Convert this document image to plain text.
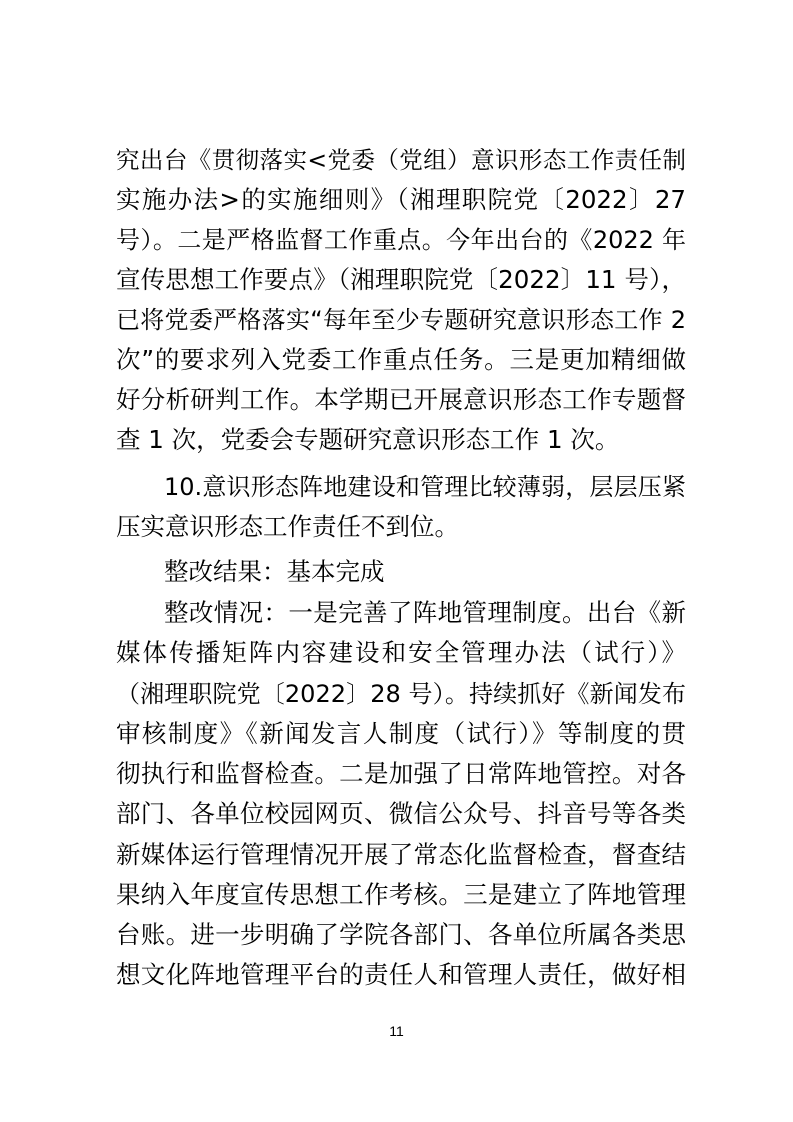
究出台《贯彻落实<党委（党组）意识形态工作责任制
实施办法>的实施细则》（湘理职院党〔2022〕27
号）。二是严格监督工作重点。今年出台的《2022 年
宣传思想工作要点》（湘理职院党〔2022〕11 号），
已将党委严格落实“每年至少专题研究意识形态工作 2
次”的要求列入党委工作重点任务。三是更加精细做
好分析研判工作。本学期已开展意识形态工作专题督
查 1 次，党委会专题研究意识形态工作 1 次。
10.意识形态阵地建设和管理比较薄弱，层层压紧
压实意识形态工作责任不到位。
整改结果：基本完成
整改情况：一是完善了阵地管理制度。出台《新
媒体传播矩阵内容建设和安全管理办法（试行）》
（湘理职院党〔2022〕28 号）。持续抓好《新闻发布
审核制度》《新闻发言人制度（试行）》等制度的贯
彻执行和监督检查。二是加强了日常阵地管控。对各
部门、各单位校园网页、微信公众号、抖音号等各类
新媒体运行管理情况开展了常态化监督检查，督查结
果纳入年度宣传思想工作考核。三是建立了阵地管理
台账。进一步明确了学院各部门、各单位所属各类思
想文化阵地管理平台的责任人和管理人责任，做好相
11
